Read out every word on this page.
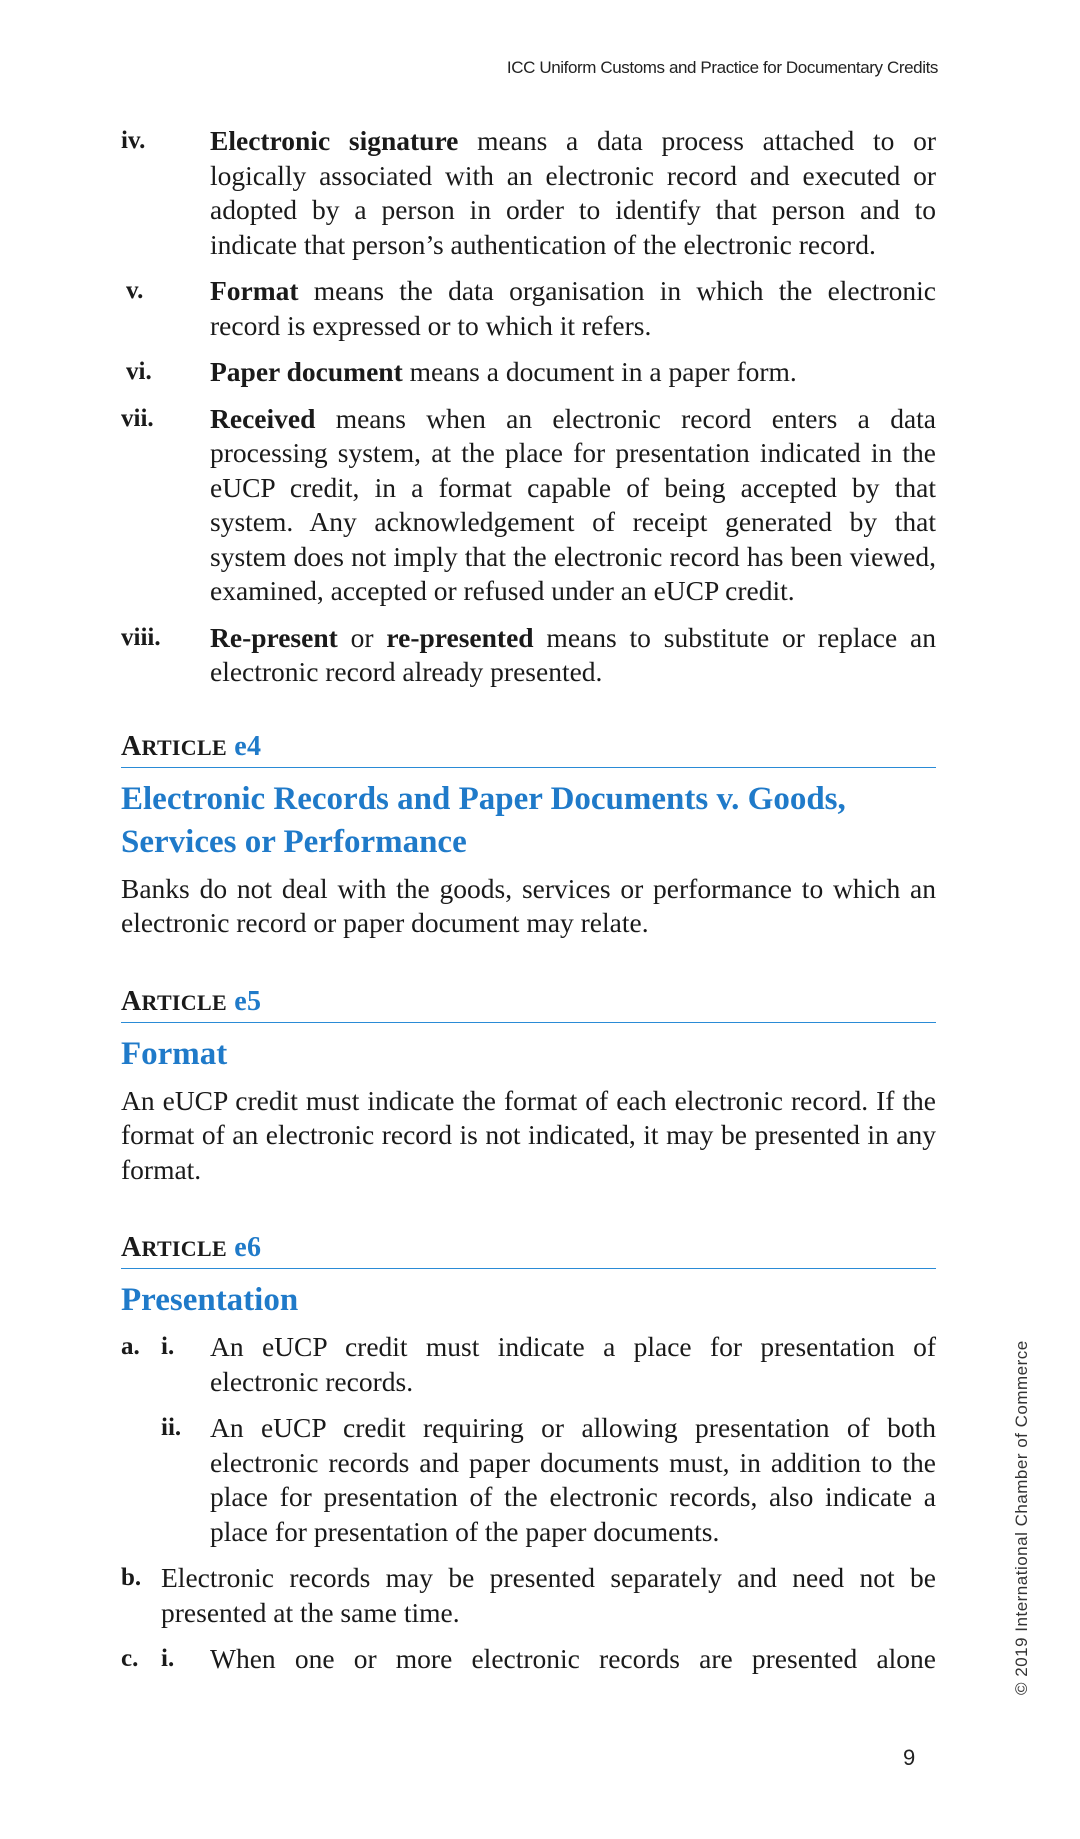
ICC Uniform Customs and Practice for Documentary Credits
iv. Electronic signature means a data process attached to or logically associated with an electronic record and executed or adopted by a person in order to identify that person and to indicate that person’s authentication of the electronic record.
v. Format means the data organisation in which the electronic record is expressed or to which it refers.
vi. Paper document means a document in a paper form.
vii. Received means when an electronic record enters a data processing system, at the place for presentation indicated in the eUCP credit, in a format capable of being accepted by that system. Any acknowledgement of receipt generated by that system does not imply that the electronic record has been viewed, examined, accepted or refused under an eUCP credit.
viii. Re-present or re-presented means to substitute or replace an electronic record already presented.
ARTICLE e4
Electronic Records and Paper Documents v. Goods, Services or Performance

Banks do not deal with the goods, services or performance to which an electronic record or paper document may relate.

ARTICLE e5
Format

An eUCP credit must indicate the format of each electronic record. If the format of an electronic record is not indicated, it may be presented in any format.

ARTICLE e6
Presentation
a. i. An eUCP credit must indicate a place for presentation of electronic records.
ii. An eUCP credit requiring or allowing presentation of both electronic records and paper documents must, in addition to the place for presentation of the electronic records, also indicate a place for presentation of the paper documents.
b. Electronic records may be presented separately and need not be presented at the same time.
c. i. When one or more electronic records are presented alone	© 2019 International Chamber of Commerce
9
